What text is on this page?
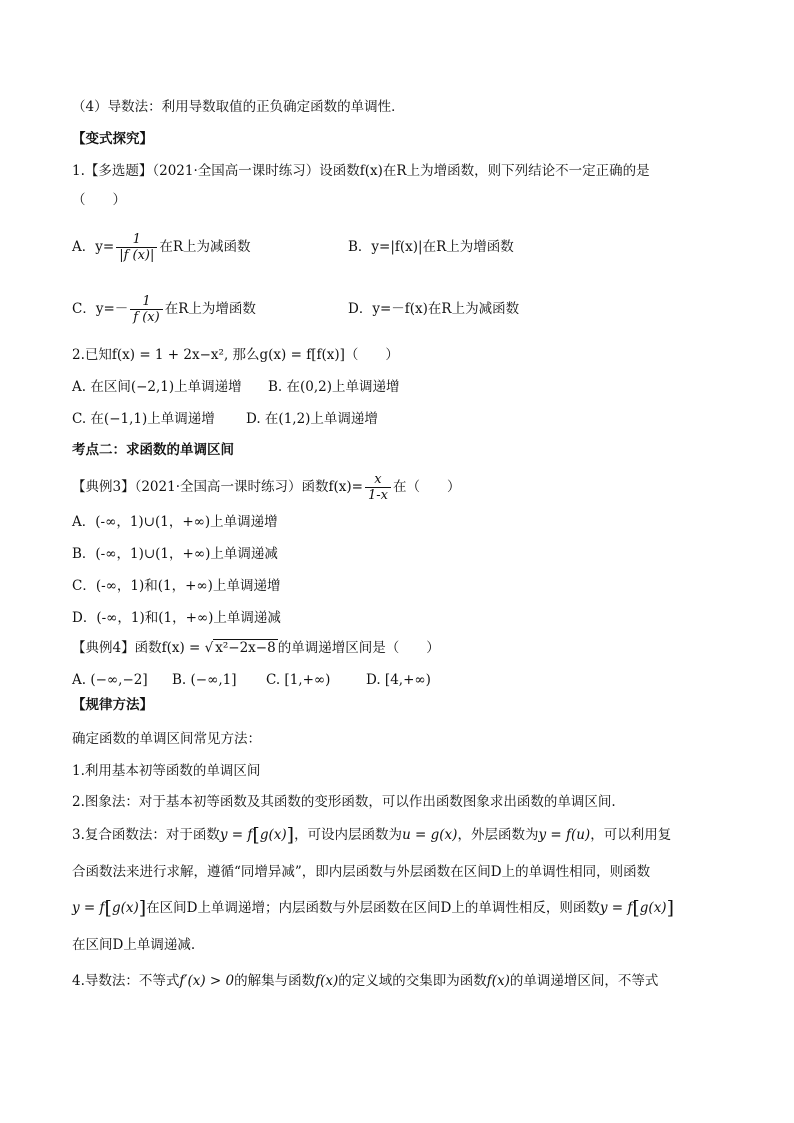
（4）导数法：利用导数取值的正负确定函数的单调性．
【变式探究】
1.【多选题】（2021·全国高一课时练习）设函数f(x)在R上为增函数，则下列结论不一定正确的是
（　　）
A．$y= \frac{1}{|f (x)|}$ 在R上为减函数	B．y=|f(x)|在R上为增函数
C．$y=- \frac{1}{f (x)}$ 在R上为增函数	D．y=－f(x)在R上为减函数
2.已知f(x) = 1 + 2x−x², 那么g(x) = f[f(x)]（　　）
A. 在区间(−2,1)上单调递增 B. 在(0,2)上单调递增
C. 在(−1,1)上单调递增 D. 在(1,2)上单调递增
考点二：求函数的单调区间
【典例3】（2021·全国高一课时练习）函数$f(x)= \frac{x}{1-x}$ 在（　　）
A．(-∞，1)∪(1，+∞)上单调递增
B．(-∞，1)∪(1，+∞)上单调递减
C．(-∞，1)和(1，+∞)上单调递增
D．(-∞，1)和(1，+∞)上单调递减
【典例4】函数f(x) = √ x²−2x−8 的单调递增区间是（　　）
A. (−∞,−2] B. (−∞,1] C. [1,+∞)	D. [4,+∞)
【规律方法】
确定函数的单调区间常见方法：
1.利用基本初等函数的单调区间
2.图象法：对于基本初等函数及其函数的变形函数，可以作出函数图象求出函数的单调区间.
3.复合函数法：对于函数y = f[g(x)]，可设内层函数为u = g(x)，外层函数为y = f(u)，可以利用复
合函数法来进行求解，遵循“同增异减”，即内层函数与外层函数在区间D上的单调性相同，则函数
y = f[g(x)]在区间D上单调递增；内层函数与外层函数在区间D上的单调性相反，则函数y = f[g(x)]
在区间D上单调递减.
4.导数法：不等式f′(x) > 0的解集与函数f(x)的定义域的交集即为函数f(x)的单调递增区间，不等式
